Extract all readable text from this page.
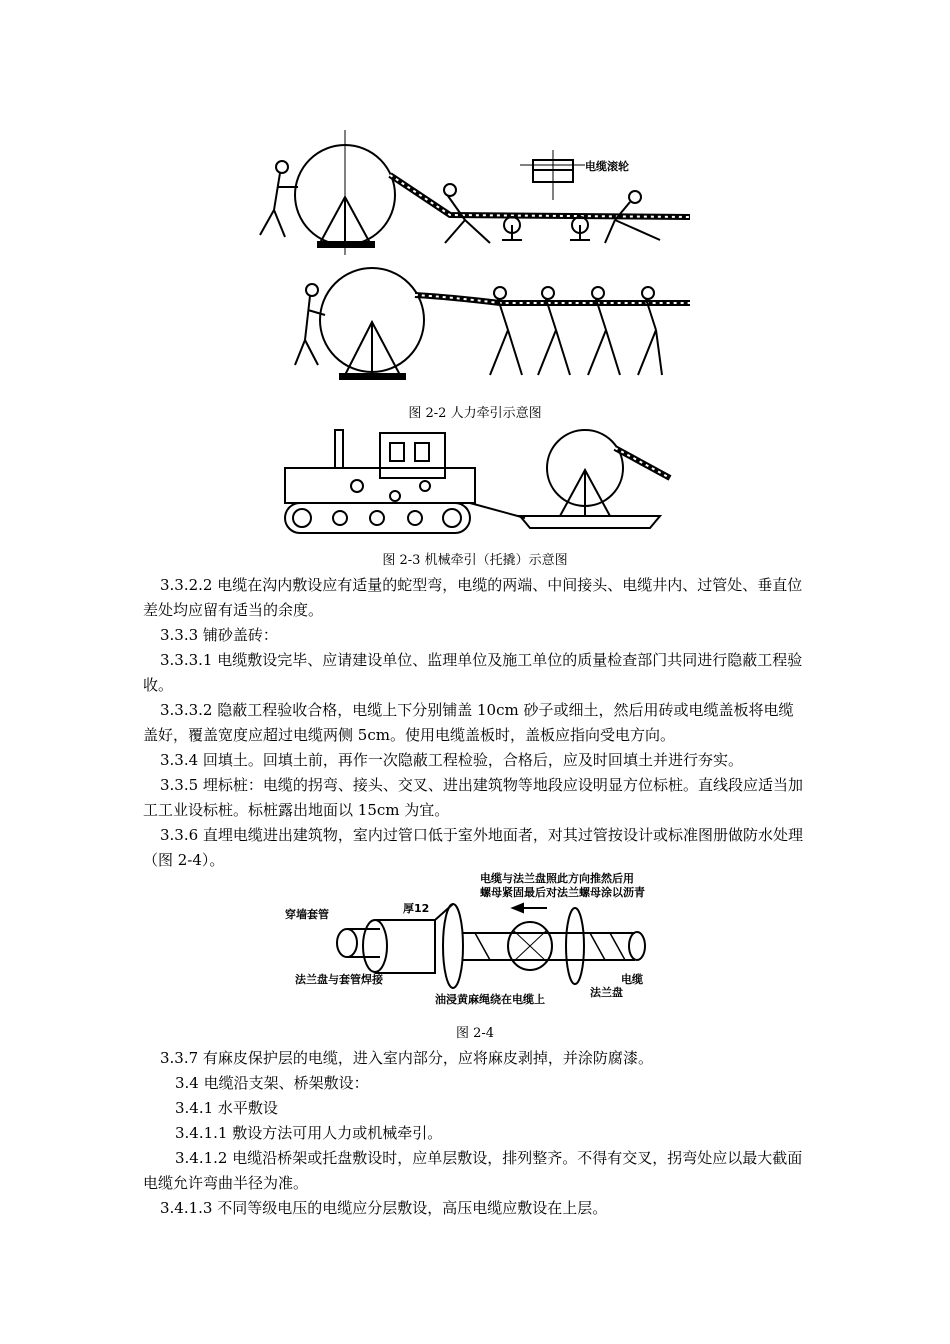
电缆滚轮
图 2-2 人力牵引示意图
图 2-3 机械牵引（托撬）示意图

3.3.2.2 电缆在沟内敷设应有适量的蛇型弯，电缆的两端、中间接头、电缆井内、过管处、垂直位差处均应留有适当的余度。

3.3.3 铺砂盖砖：

3.3.3.1 电缆敷设完毕、应请建设单位、监理单位及施工单位的质量检查部门共同进行隐蔽工程验收。

3.3.3.2 隐蔽工程验收合格，电缆上下分别铺盖 10cm 砂子或细土，然后用砖或电缆盖板将电缆盖好，覆盖宽度应超过电缆两侧 5cm。使用电缆盖板时，盖板应指向受电方向。

3.3.4 回填土。回填土前，再作一次隐蔽工程检验，合格后，应及时回填土并进行夯实。

3.3.5 埋标桩：电缆的拐弯、接头、交叉、进出建筑物等地段应设明显方位标桩。直线段应适当加工工业设标桩。标桩露出地面以 15cm 为宜。

3.3.6 直埋电缆进出建筑物，室内过管口低于室外地面者，对其过管按设计或标准图册做防水处理（图 2-4）。

电缆与法兰盘照此方向推然后用
螺母紧固最后对法兰螺母涂以沥青
穿墙套管	厚12
法兰盘与套管焊接	电缆
法兰盘
油浸黄麻绳绕在电缆上
图 2-4

3.3.7 有麻皮保护层的电缆，进入室内部分，应将麻皮剥掉，并涂防腐漆。

3.4 电缆沿支架、桥架敷设：

3.4.1 水平敷设

3.4.1.1 敷设方法可用人力或机械牵引。

3.4.1.2 电缆沿桥架或托盘敷设时，应单层敷设，排列整齐。不得有交叉，拐弯处应以最大截面电缆允许弯曲半径为准。

3.4.1.3 不同等级电压的电缆应分层敷设，高压电缆应敷设在上层。
